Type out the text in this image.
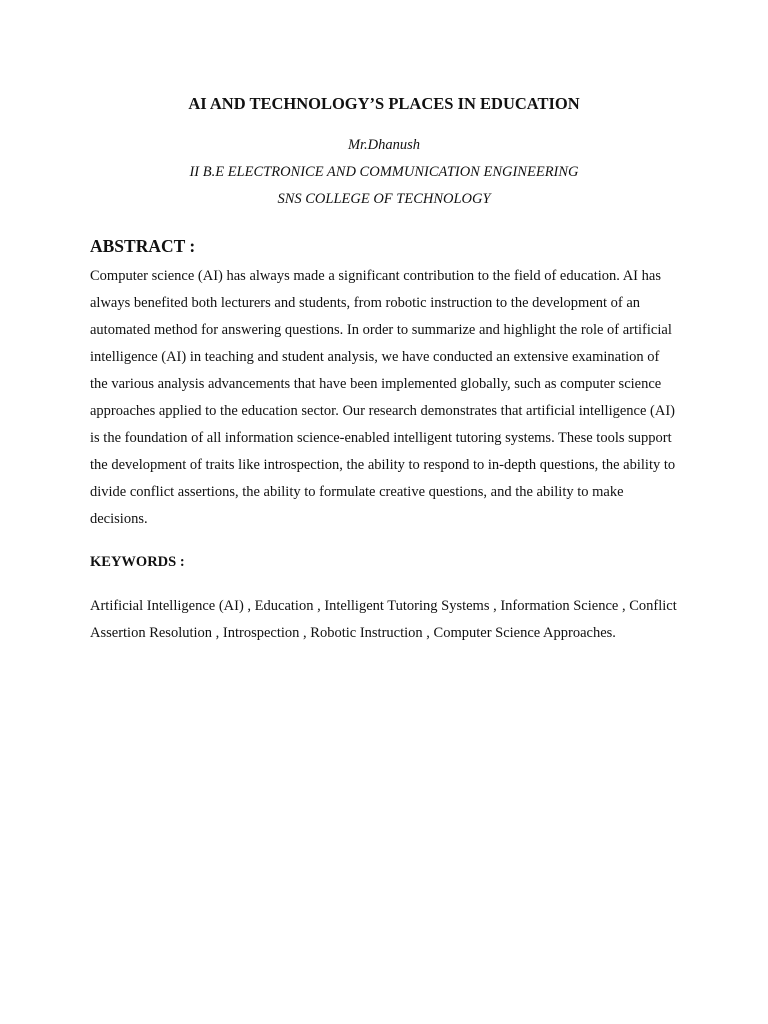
AI AND TECHNOLOGY’S PLACES IN EDUCATION

Mr.Dhanush

II B.E ELECTRONICE AND COMMUNICATION ENGINEERING

SNS COLLEGE OF TECHNOLOGY

ABSTRACT :

Computer science (AI) has always made a significant contribution to the field of education. AI has always benefited both lecturers and students, from robotic instruction to the development of an automated method for answering questions. In order to summarize and highlight the role of artificial intelligence (AI) in teaching and student analysis, we have conducted an extensive examination of the various analysis advancements that have been implemented globally, such as computer science approaches applied to the education sector. Our research demonstrates that artificial intelligence (AI) is the foundation of all information science-enabled intelligent tutoring systems. These tools support the development of traits like introspection, the ability to respond to in-depth questions, the ability to divide conflict assertions, the ability to formulate creative questions, and the ability to make decisions.

KEYWORDS :

Artificial Intelligence (AI) , Education , Intelligent Tutoring Systems , Information Science , Conflict Assertion Resolution , Introspection , Robotic Instruction , Computer Science Approaches.
